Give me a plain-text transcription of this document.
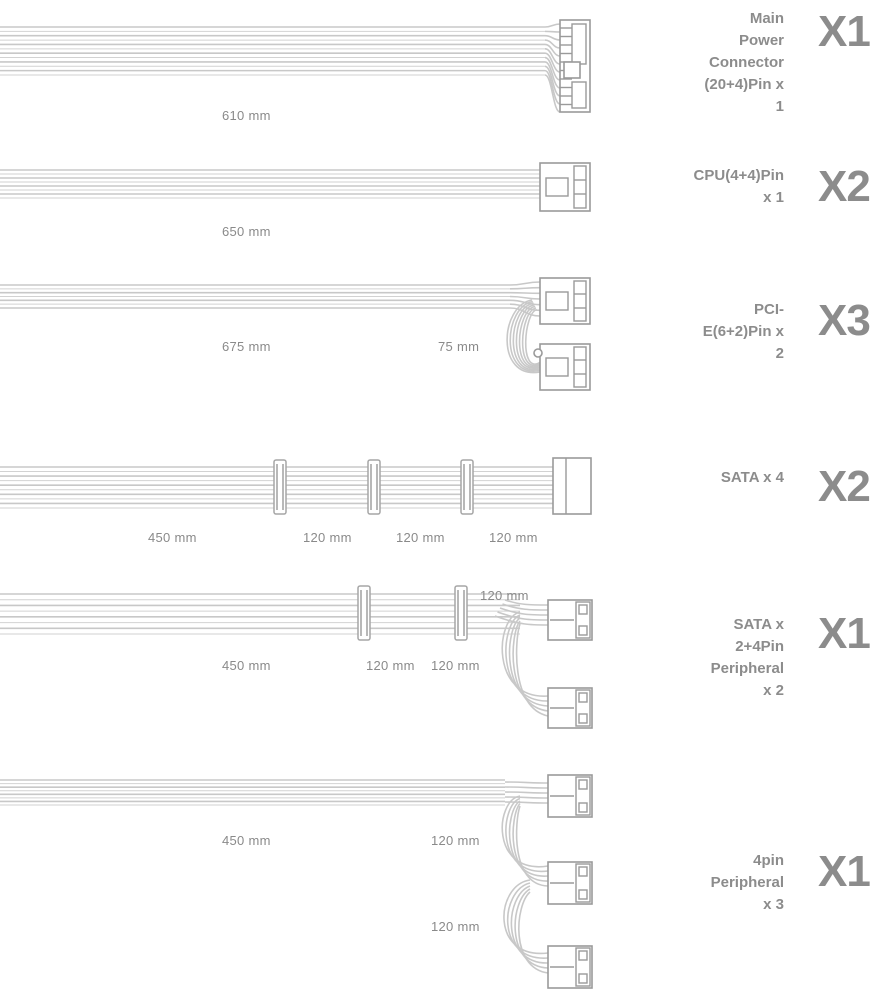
610 mm
650 mm
675 mm	75 mm
450 mm	120 mm	120 mm	120 mm
450 mm	120 mm 120 mm
120 mm
450 mm	120 mm
120 mm
Main
Power
Connector
(20+4)Pin x
1
X1
CPU(4+4)Pin
x 1 X2
PCI-
E(6+2)Pin x
2
X3
SATA x 4 X2
SATA x
2+4Pin
Peripheral
x 2
X1
4pin
Peripheral
x 3
X1
